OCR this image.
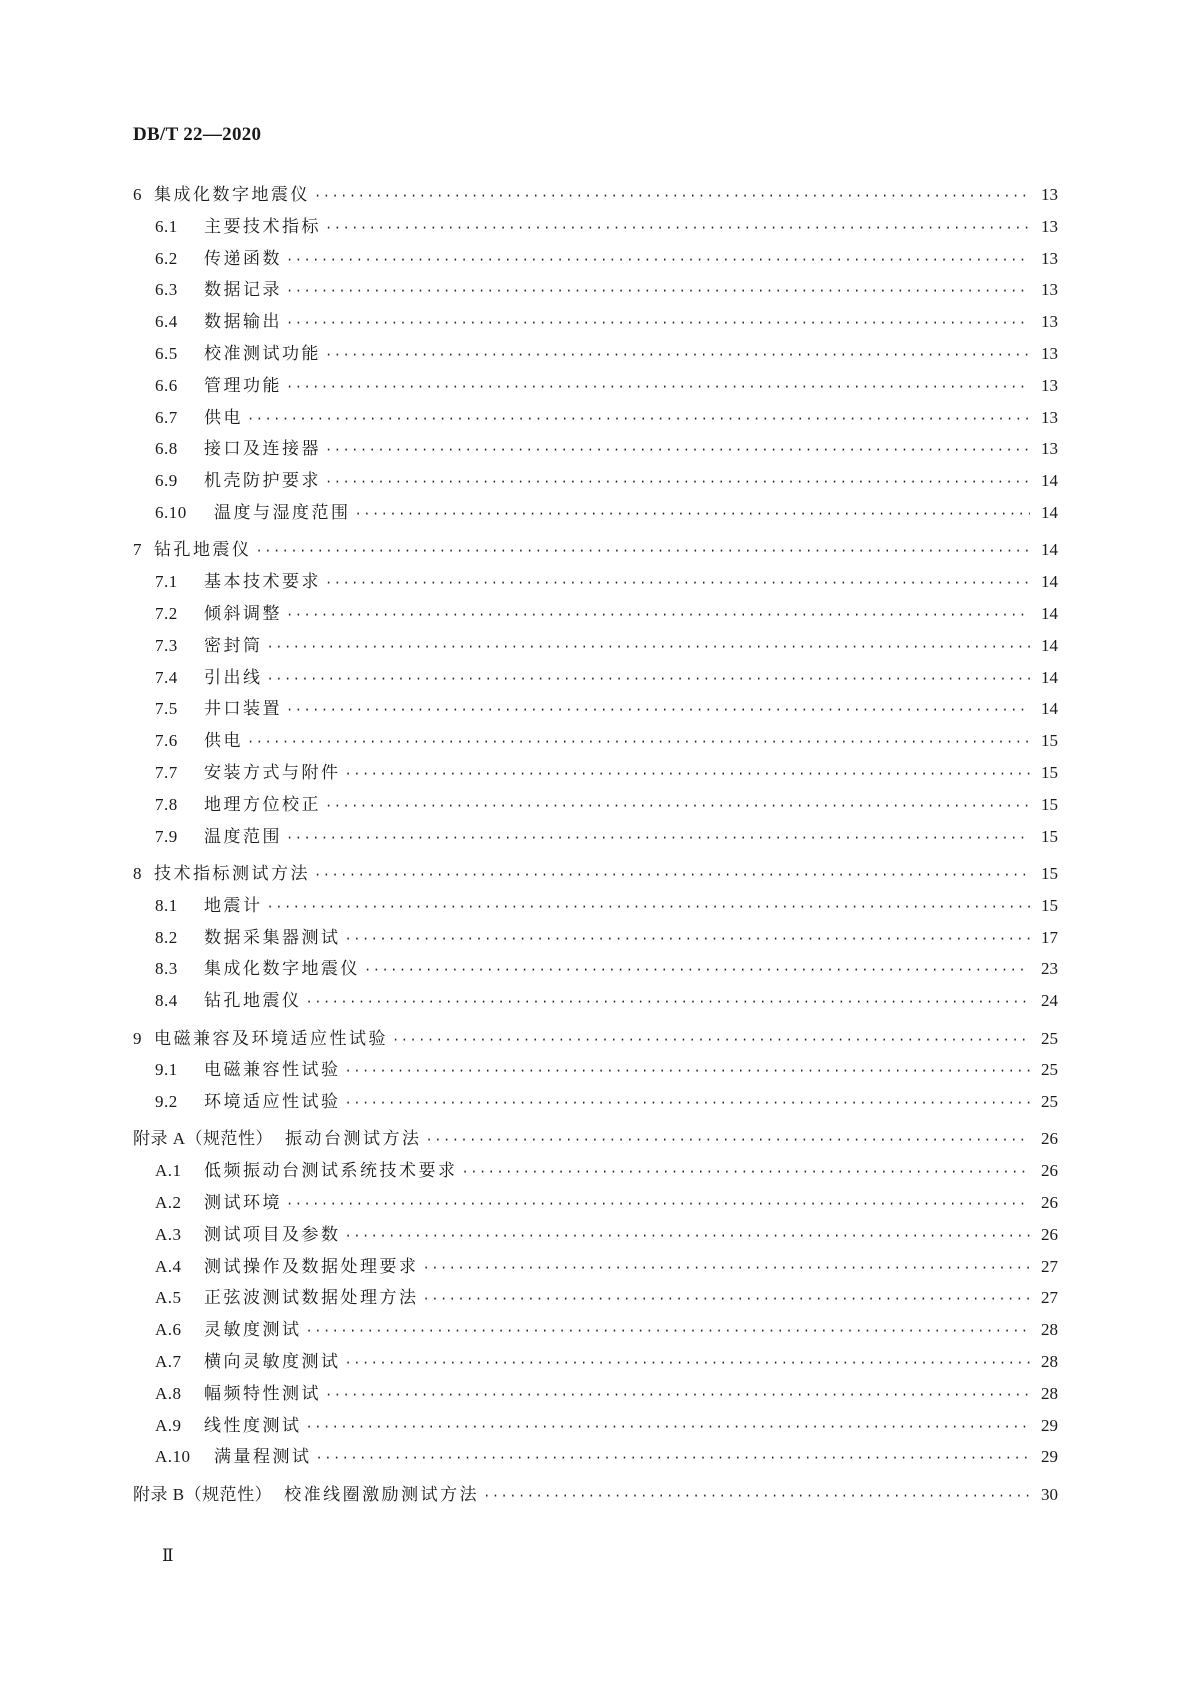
DB/T 22—2020
6 集成化数字地震仪 ·····	13
6.1	主要技术指标 ·····	13
6.2	传递函数 ·····	13
6.3	数据记录 ·····	13
6.4	数据输出 ·····	13
6.5	校准测试功能 ·····	13
6.6	管理功能 ·····	13
6.7	供电 ·····	13
6.8	接口及连接器 ·····	13
6.9	机壳防护要求 ·····	14
6.10	温度与湿度范围 ·····	14
7 钻孔地震仪 ·····	14
7.1	基本技术要求 ·····	14
7.2	倾斜调整 ·····	14
7.3	密封筒 ·····	14
7.4	引出线 ·····	14
7.5	井口装置 ·····	14
7.6	供电 ·····	15
7.7	安装方式与附件 ·····	15
7.8	地理方位校正 ·····	15
7.9	温度范围 ·····	15
8 技术指标测试方法 ·····	15
8.1	地震计 ·····	15
8.2	数据采集器测试 ·····	17
8.3	集成化数字地震仪 ·····	23
8.4	钻孔地震仪 ·····	24
9 电磁兼容及环境适应性试验 ·····	25
9.1	电磁兼容性试验 ·····	25
9.2	环境适应性试验 ·····	25
附录 A（规范性） 振动台测试方法 ·····	26
A.1	低频振动台测试系统技术要求 ·····	26
A.2	测试环境 ·····	26
A.3	测试项目及参数 ·····	26
A.4	测试操作及数据处理要求 ·····	27
A.5	正弦波测试数据处理方法 ·····	27
A.6	灵敏度测试 ·····	28
A.7	横向灵敏度测试 ·····	28
A.8	幅频特性测试 ·····	28
A.9	线性度测试 ·····	29
A.10	满量程测试 ·····	29
附录 B（规范性） 校准线圈激励测试方法 ·····	30
Ⅱ
